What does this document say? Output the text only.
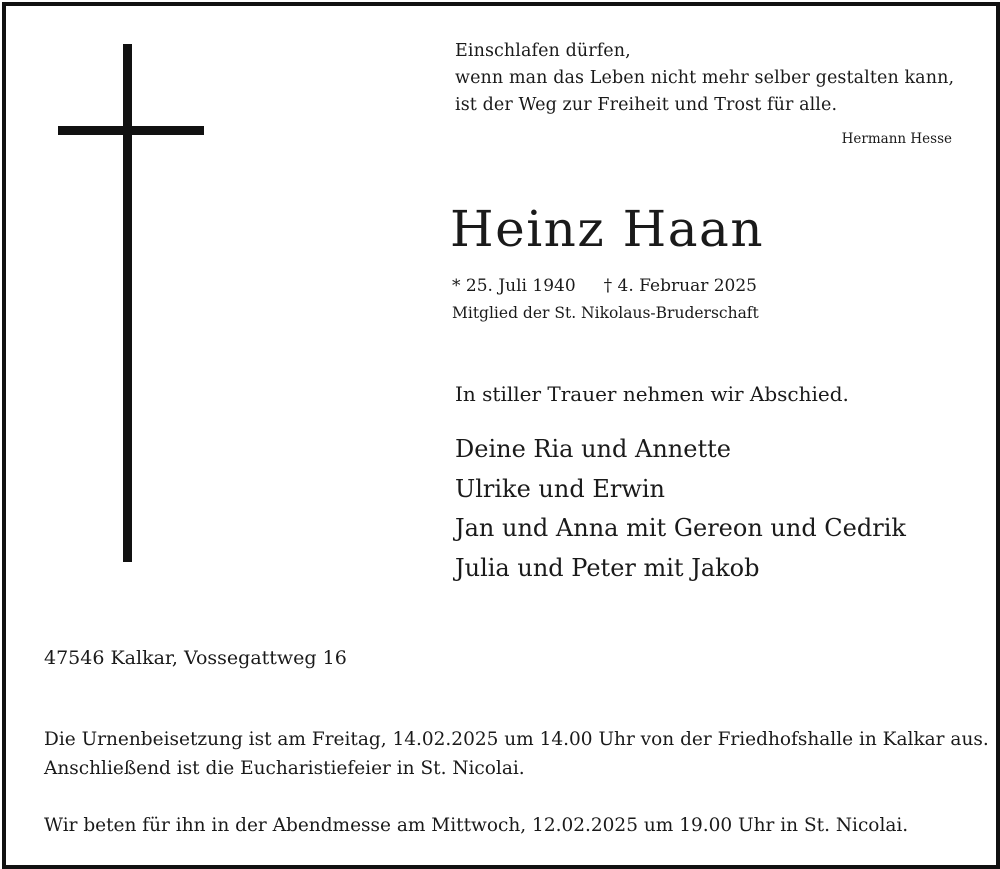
Einschlafen dürfen,
wenn man das Leben nicht mehr selber gestalten kann,
ist der Weg zur Freiheit und Trost für alle.
Hermann Hesse
Heinz Haan
* 25. Juli 1940 † 4. Februar 2025
Mitglied der St. Nikolaus-Bruderschaft
In stiller Trauer nehmen wir Abschied.
Deine Ria und Annette
Ulrike und Erwin
Jan und Anna mit Gereon und Cedrik
Julia und Peter mit Jakob
47546 Kalkar, Vossegattweg 16
Die Urnenbeisetzung ist am Freitag, 14.02.2025 um 14.00 Uhr von der Friedhofshalle in Kalkar aus.
Anschließend ist die Eucharistiefeier in St. Nicolai.
Wir beten für ihn in der Abendmesse am Mittwoch, 12.02.2025 um 19.00 Uhr in St. Nicolai.
